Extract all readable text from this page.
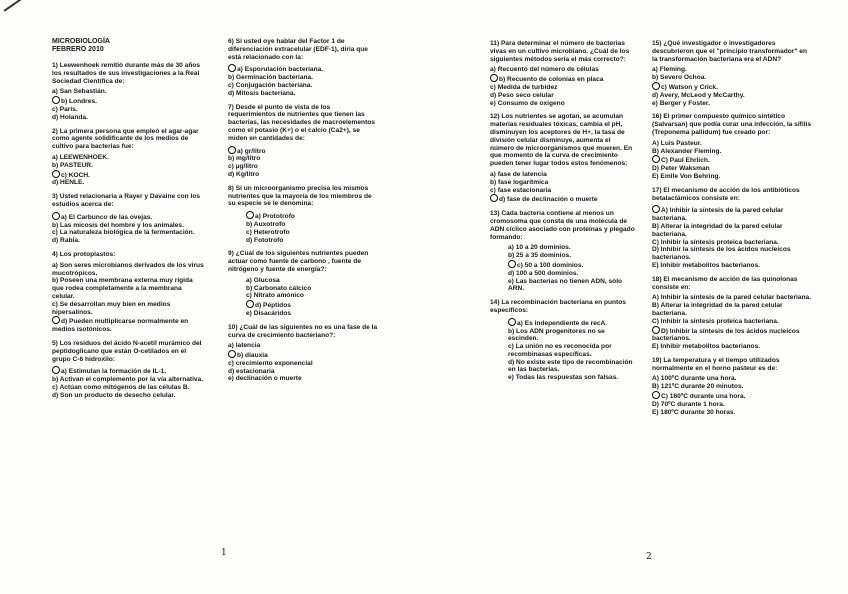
MICROBIOLOGÍA
FEBRERO 2010
1) Leewenhoek remitió durante más de 30 años los resultados de sus investigaciones a la Real Sociedad Científica de:
a) San Sebastián.
b) Londres.
c) París.
d) Holanda.
2) La primera persona que empleó el agar-agar como agente solidificante de los medios de cultivo para bacterias fue:
a) LEEWENHOEK.
b) PASTEUR.
c) KOCH.
d) HENLE.
3) Usted relacionaría a Rayer y Davaine con los estudios acerca de:
a) El Carbunco de las ovejas.
b) Las micosis del hombre y los animales.
c) La naturaleza biológica de la fermentación.
d) Rabia.
4) Los protoplastos:
a) Son seres microbianos derivados de los virus mucotrópicos.
b) Poseen una membrana externa muy rígida que rodea completamente a la membrana celular.
c) Se desarrollan muy bien en medios hipersalinos.
d) Pueden multiplicarse normalmente en medios isotónicos.
5) Los residuos del ácido N-acetil murámico del peptidoglicano que están O-cetilados en el grupo C-6 hidroxilo:
a) Estimulan la formación de IL-1.
b) Activan el complemento por la vía alternativa.
c) Actúan como mitógenos de las células B.
d) Son un producto de desecho celular.
6) Si usted oye hablar del Factor 1 de diferenciación extracelular (EDF-1), diría que está relacionado con la:
a) Esporulación bacteriana.
b) Germinación bacteriana.
c) Conjugación bacteriana.
d) Mitosis bacteriana.
7) Desde el punto de vista de los requerimientos de nutrientes que tienen las bacterias, las necesidades de macroelementos como el potasio (K+) o el calcio (Ca2+), se miden en cantidades de:
a) gr/litro
b) mg/litro
c) µg/litro
d) Kg/litro
8) Si un microorganismo precisa los mismos nutrientes que la mayoría de los miembros de su especie se le denomina:
a) Prototrofo
b) Auxotrofo
c) Heterotrofo
d) Fototrofo
9) ¿Cuál de los siguientes nutrientes pueden actuar como fuente de carbono , fuente de nitrógeno y fuente de energía?:
a) Glucosa
b) Carbonato cálcico
c) Nitrato amónico
d) Péptidos
e) Disacáridos
10) ¿Cuál de las siguientes no es una fase de la curva de crecimiento bacteriano?:
a) latencia
b) diauxia
c) crecimiento exponencial
d) estacionaria
e) declinación o muerte
1
11) Para determinar el número de bacterias vivas en un cultivo microbiano. ¿Cuál de los siguientes métodos sería el más correcto?:
a) Recuento del número de células
b) Recuento de colonias en placa
c) Medida de turbidez
d) Peso seco celular
e) Consumo de oxígeno
12) Los nutrientes se agotan, se acumulan materias residuales tóxicas, cambia el pH, disminuyen los aceptores de H+, la tasa de división celular disminuye, aumenta el número de microorganismos que mueren. En que momento de la curva de crecimiento pueden tener lugar todos estos fenómenos:
a) fase de latencia
b) fase logarítmica
c) fase estacionaria
d) fase de declinación o muerte
13) Cada bacteria contiene al menos un cromosoma que consta de una molécula de ADN cíclico asociado con proteínas y plegado formando:
a) 10 a 20 dominios.
b) 25 a 35 dominios.
c) 50 a 100 dominios.
d) 100 a 500 dominios.
e) Las bacterias no tienen ADN, sólo ARN.
14) La recombinación bacteriana en puntos específicos:
a) Es independiente de recA.
b) Los ADN progenitores no se escinden.
c) La unión no es reconocida por recombinasas específicas.
d) No existe este tipo de recombinación en las bacterias.
e) Todas las respuestas son falsas.
15) ¿Qué investigador o investigadores descubrieron que el "principio transformador" en la transformación bacteriana era el ADN?
a) Fleming.
b) Severo Ochoa.
c) Watson y Crick.
d) Avery, McLeod y McCarthy.
e) Berger y Foster.
16) El primer compuesto químico sintético (Salvarsan) que podía curar una infección, la sífilis (Treponema pallidum) fue creado por:
A) Luis Pasteur.
B) Alexander Fleming.
C) Paul Ehrlich.
D) Peter Waksman
E) Emile Von Behring.
17) El mecanismo de acción de los antibióticos betalactámicos consiste en:
A) Inhibir la síntesis de la pared celular bacteriana.
B) Alterar la integridad de la pared celular bacteriana.
C) Inhibir la síntesis proteica bacteriana.
D) Inhibir la síntesis de los ácidos nucleicos bacterianos.
E) Inhibir metabolitos bacterianos.
18) El mecanismo de acción de las quinolonas consiste en:
A) Inhibir la síntesis de la pared celular bacteriana.
B) Alterar la integridad de la pared celular bacteriana.
C) Inhibir la síntesis proteica bacteriana.
D) Inhibir la síntesis de los ácidos nucleicos bacterianos.
E) Inhibir metabolitos bacterianos.
19) La temperatura y el tiempo utilizados normalmente en el horno pasteur es de:
A) 100ºC durante una hora.
B) 121ºC durante 20 minutos.
C) 160ºC durante una hora.
D) 70ºC durante 1 hora.
E) 180ºC durante 30 horas.
2
